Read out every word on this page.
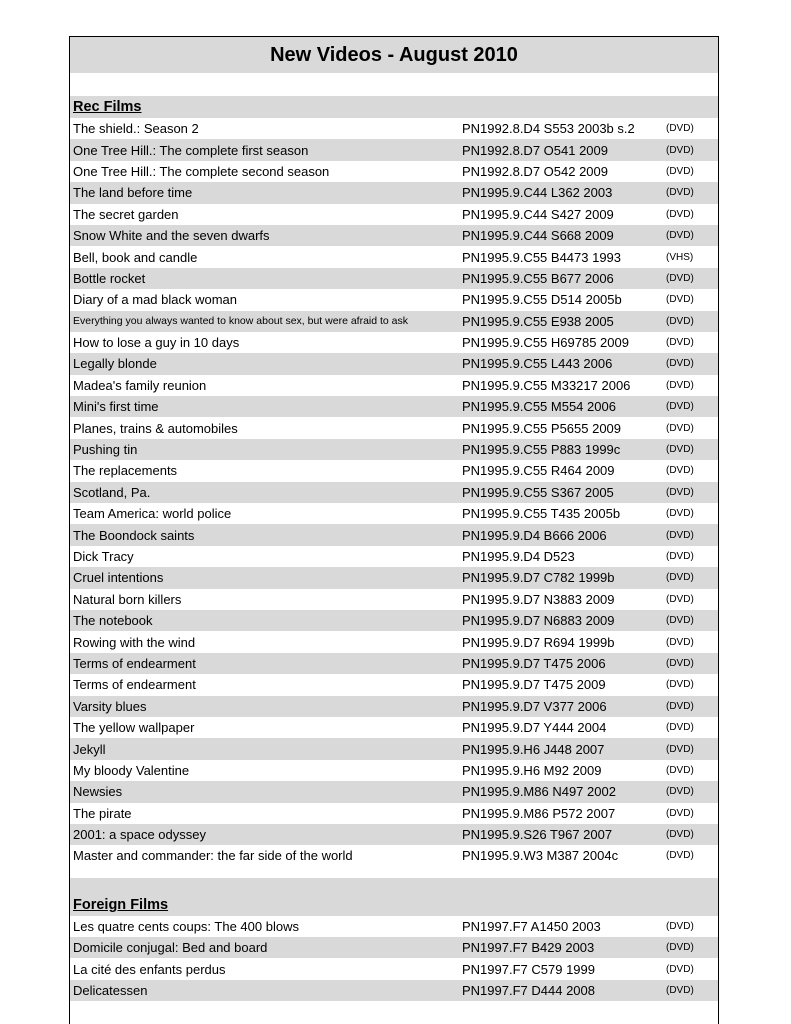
New Videos - August 2010
Rec Films
The shield.: Season 2	PN1992.8.D4 S553 2003b s.2	(DVD)
One Tree Hill.: The complete first season	PN1992.8.D7 O541 2009	(DVD)
One Tree Hill.: The complete second season	PN1992.8.D7 O542 2009	(DVD)
The land before time	PN1995.9.C44 L362 2003	(DVD)
The secret garden	PN1995.9.C44 S427 2009	(DVD)
Snow White and the seven dwarfs	PN1995.9.C44 S668 2009	(DVD)
Bell, book and candle	PN1995.9.C55 B4473 1993	(VHS)
Bottle rocket	PN1995.9.C55 B677 2006	(DVD)
Diary of a mad black woman	PN1995.9.C55 D514 2005b	(DVD)
Everything you always wanted to know about sex, but were afraid to ask	PN1995.9.C55 E938 2005	(DVD)
How to lose a guy in 10 days	PN1995.9.C55 H69785 2009	(DVD)
Legally blonde	PN1995.9.C55 L443 2006	(DVD)
Madea's family reunion	PN1995.9.C55 M33217 2006	(DVD)
Mini's first time	PN1995.9.C55 M554 2006	(DVD)
Planes, trains & automobiles	PN1995.9.C55 P5655 2009	(DVD)
Pushing tin	PN1995.9.C55 P883 1999c	(DVD)
The replacements	PN1995.9.C55 R464 2009	(DVD)
Scotland, Pa.	PN1995.9.C55 S367 2005	(DVD)
Team America: world police	PN1995.9.C55 T435 2005b	(DVD)
The Boondock saints	PN1995.9.D4 B666 2006	(DVD)
Dick Tracy	PN1995.9.D4 D523	(DVD)
Cruel intentions	PN1995.9.D7 C782 1999b	(DVD)
Natural born killers	PN1995.9.D7 N3883 2009	(DVD)
The notebook	PN1995.9.D7 N6883 2009	(DVD)
Rowing with the wind	PN1995.9.D7 R694 1999b	(DVD)
Terms of endearment	PN1995.9.D7 T475 2006	(DVD)
Terms of endearment	PN1995.9.D7 T475 2009	(DVD)
Varsity blues	PN1995.9.D7 V377 2006	(DVD)
The yellow wallpaper	PN1995.9.D7 Y444 2004	(DVD)
Jekyll	PN1995.9.H6 J448 2007	(DVD)
My bloody Valentine	PN1995.9.H6 M92 2009	(DVD)
Newsies	PN1995.9.M86 N497 2002	(DVD)
The pirate	PN1995.9.M86 P572 2007	(DVD)
2001: a space odyssey	PN1995.9.S26 T967 2007	(DVD)
Master and commander: the far side of the world	PN1995.9.W3 M387 2004c	(DVD)
Foreign Films
Les quatre cents coups: The 400 blows	PN1997.F7 A1450 2003	(DVD)
Domicile conjugal: Bed and board	PN1997.F7 B429 2003	(DVD)
La cité des enfants perdus	PN1997.F7 C579 1999	(DVD)
Delicatessen	PN1997.F7 D444 2008	(DVD)
